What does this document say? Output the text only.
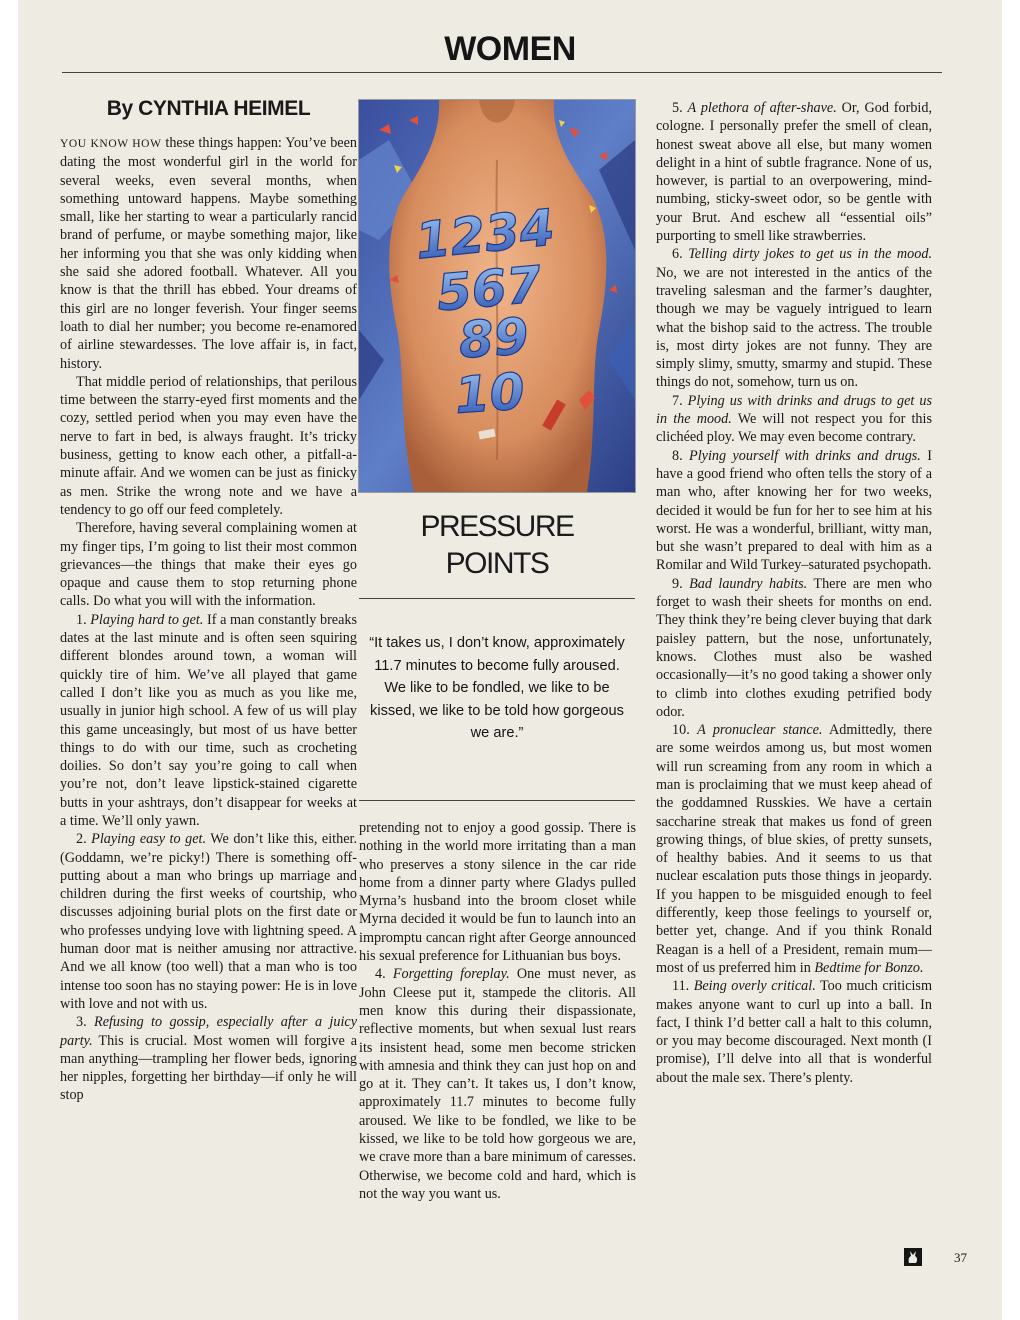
WOMEN
By CYNTHIA HEIMEL

YOU KNOW HOW these things happen: You’ve been dating the most wonderful girl in the world for several weeks, even several months, when something untoward happens. Maybe something small, like her starting to wear a particularly rancid brand of perfume, or maybe something major, like her informing you that she was only kidding when she said she adored football. Whatever. All you know is that the thrill has ebbed. Your dreams of this girl are no longer feverish. Your finger seems loath to dial her number; you become re-enamored of airline stewardesses. The love affair is, in fact, history.

That middle period of relationships, that perilous time between the starry-eyed first moments and the cozy, settled period when you may even have the nerve to fart in bed, is always fraught. It’s tricky business, getting to know each other, a pitfall-a-minute affair. And we women can be just as finicky as men. Strike the wrong note and we have a tendency to go off our feed completely.

Therefore, having several complaining women at my finger tips, I’m going to list their most common grievances—the things that make their eyes go opaque and cause them to stop returning phone calls. Do what you will with the information.

1. Playing hard to get. If a man constantly breaks dates at the last minute and is often seen squiring different blondes around town, a woman will quickly tire of him. We’ve all played that game called I don’t like you as much as you like me, usually in junior high school. A few of us will play this game unceasingly, but most of us have better things to do with our time, such as crocheting doilies. So don’t say you’re going to call when you’re not, don’t leave lipstick-stained cigarette butts in your ashtrays, don’t disappear for weeks at a time. We’ll only yawn.

2. Playing easy to get. We don’t like this, either. (Goddamn, we’re picky!) There is something off-putting about a man who brings up marriage and children during the first weeks of courtship, who discusses adjoining burial plots on the first date or who professes undying love with lightning speed. A human door mat is neither amusing nor attractive. And we all know (too well) that a man who is too intense too soon has no staying power: He is in love with love and not with us.

3. Refusing to gossip, especially after a juicy party. This is crucial. Most women will forgive a man anything—trampling her flower beds, ignoring her nipples, forgetting her birthday—if only he will stop

1234
567
89
10
PRESSURE
POINTS
“It takes us, I don’t know, approximately 11.7 minutes to become fully aroused. We like to be fondled, we like to be kissed, we like to be told how gorgeous we are.”

pretending not to enjoy a good gossip. There is nothing in the world more irritating than a man who preserves a stony silence in the car ride home from a dinner party where Gladys pulled Myrna’s husband into the broom closet while Myrna decided it would be fun to launch into an impromptu cancan right after George announced his sexual preference for Lithuanian bus boys.

4. Forgetting foreplay. One must never, as John Cleese put it, stampede the clitoris. All men know this during their dispassionate, reflective moments, but when sexual lust rears its insistent head, some men become stricken with amnesia and think they can just hop on and go at it. They can’t. It takes us, I don’t know, approximately 11.7 minutes to become fully aroused. We like to be fondled, we like to be kissed, we like to be told how gorgeous we are, we crave more than a bare minimum of caresses. Otherwise, we become cold and hard, which is not the way you want us.

5. A plethora of after-shave. Or, God forbid, cologne. I personally prefer the smell of clean, honest sweat above all else, but many women delight in a hint of subtle fragrance. None of us, however, is partial to an overpowering, mind-numbing, sticky-sweet odor, so be gentle with your Brut. And eschew all “essential oils” purporting to smell like strawberries.

6. Telling dirty jokes to get us in the mood. No, we are not interested in the antics of the traveling salesman and the farmer’s daughter, though we may be vaguely intrigued to learn what the bishop said to the actress. The trouble is, most dirty jokes are not funny. They are simply slimy, smutty, smarmy and stupid. These things do not, somehow, turn us on.

7. Plying us with drinks and drugs to get us in the mood. We will not respect you for this clichéed ploy. We may even become contrary.

8. Plying yourself with drinks and drugs. I have a good friend who often tells the story of a man who, after knowing her for two weeks, decided it would be fun for her to see him at his worst. He was a wonderful, brilliant, witty man, but she wasn’t prepared to deal with him as a Romilar and Wild Turkey–saturated psychopath.

9. Bad laundry habits. There are men who forget to wash their sheets for months on end. They think they’re being clever buying that dark paisley pattern, but the nose, unfortunately, knows. Clothes must also be washed occasionally—it’s no good taking a shower only to climb into clothes exuding petrified body odor.

10. A pronuclear stance. Admittedly, there are some weirdos among us, but most women will run screaming from any room in which a man is proclaiming that we must keep ahead of the goddamned Russkies. We have a certain saccharine streak that makes us fond of green growing things, of blue skies, of pretty sunsets, of healthy babies. And it seems to us that nuclear escalation puts those things in jeopardy. If you happen to be misguided enough to feel differently, keep those feelings to yourself or, better yet, change. And if you think Ronald Reagan is a hell of a President, remain mum—most of us preferred him in Bedtime for Bonzo.

11. Being overly critical. Too much criticism makes anyone want to curl up into a ball. In fact, I think I’d better call a halt to this column, or you may become discouraged. Next month (I promise), I’ll delve into all that is wonderful about the male sex. There’s plenty.

37
